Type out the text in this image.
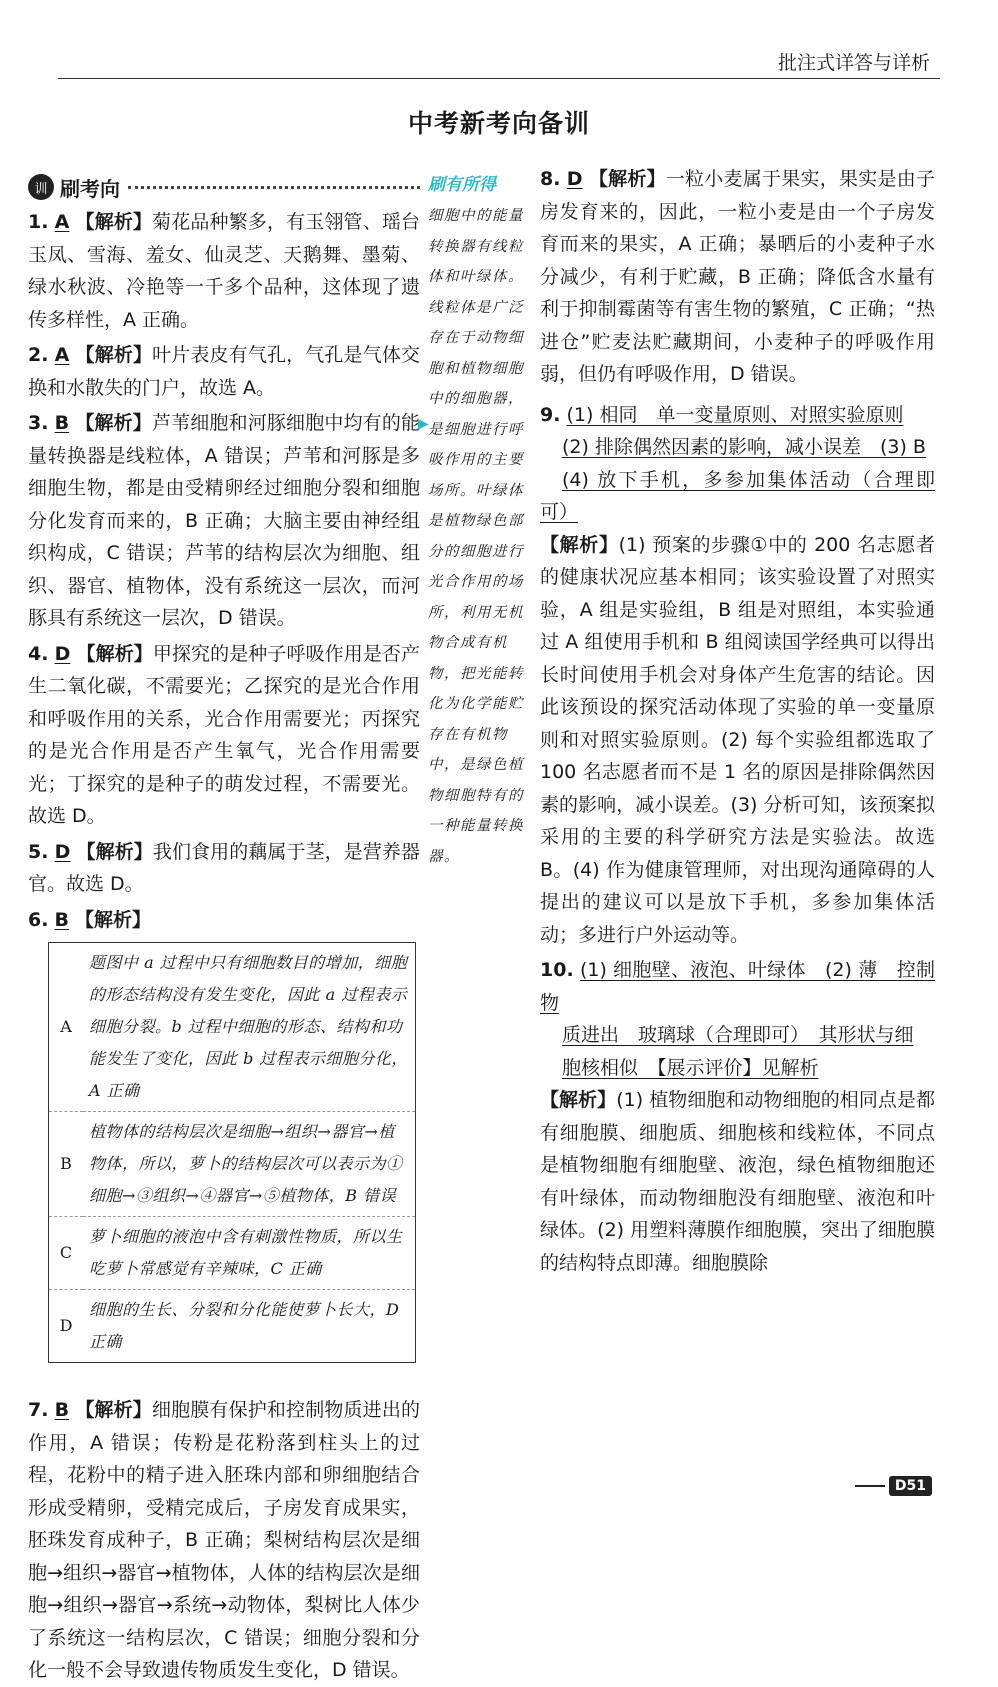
批注式详答与详析
中考新考向备训
训 刷考向

1. A 【解析】菊花品种繁多，有玉翎管、瑶台玉凤、雪海、羞女、仙灵芝、天鹅舞、墨菊、绿水秋波、冷艳等一千多个品种，这体现了遗传多样性，A 正确。

2. A 【解析】叶片表皮有气孔，气孔是气体交换和水散失的门户，故选 A。

3. B 【解析】芦苇细胞和河豚细胞中均有的能量转换器是线粒体，A 错误；芦苇和河豚是多细胞生物，都是由受精卵经过细胞分裂和细胞分化发育而来的，B 正确；大脑主要由神经组织构成，C 错误；芦苇的结构层次为细胞、组织、器官、植物体，没有系统这一层次，而河豚具有系统这一层次，D 错误。

4. D 【解析】甲探究的是种子呼吸作用是否产生二氧化碳，不需要光；乙探究的是光合作用和呼吸作用的关系，光合作用需要光；丙探究的是光合作用是否产生氧气，光合作用需要光；丁探究的是种子的萌发过程，不需要光。故选 D。

5. D 【解析】我们食用的藕属于茎，是营养器官。故选 D。

6. B 【解析】

A	题图中 a 过程中只有细胞数目的增加，细胞的形态结构没有发生变化，因此 a 过程表示细胞分裂。b 过程中细胞的形态、结构和功能发生了变化，因此 b 过程表示细胞分化，A 正确
B	植物体的结构层次是细胞→组织→器官→植物体，所以，萝卜的结构层次可以表示为①细胞→③组织→④器官→⑤植物体，B 错误
C	萝卜细胞的液泡中含有刺激性物质，所以生吃萝卜常感觉有辛辣味，C 正确
D	细胞的生长、分裂和分化能使萝卜长大，D 正确

7. B 【解析】细胞膜有保护和控制物质进出的作用，A 错误；传粉是花粉落到柱头上的过程，花粉中的精子进入胚珠内部和卵细胞结合形成受精卵，受精完成后，子房发育成果实，胚珠发育成种子，B 正确；梨树结构层次是细胞→组织→器官→植物体，人体的结构层次是细胞→组织→器官→系统→动物体，梨树比人体少了系统这一结构层次，C 错误；细胞分裂和分化一般不会导致遗传物质发生变化，D 错误。

刷有所得
细胞中的能量转换器有线粒体和叶绿体。线粒体是广泛存在于动物细胞和植物细胞中的细胞器，是细胞进行呼吸作用的主要场所。叶绿体是植物绿色部分的细胞进行光合作用的场所，利用无机物合成有机物，把光能转化为化学能贮存在有机物中，是绿色植物细胞特有的一种能量转换器。
▶

8. D 【解析】一粒小麦属于果实，果实是由子房发育来的，因此，一粒小麦是由一个子房发育而来的果实，A 正确；暴晒后的小麦种子水分减少，有利于贮藏，B 正确；降低含水量有利于抑制霉菌等有害生物的繁殖，C 正确；“热进仓”贮麦法贮藏期间，小麦种子的呼吸作用弱，但仍有呼吸作用，D 错误。

9. (1) 相同　单一变量原则、对照实验原则
(2) 排除偶然因素的影响，减小误差　(3) B
(4) 放下手机，多参加集体活动（合理即可）
【解析】(1) 预案的步骤①中的 200 名志愿者的健康状况应基本相同；该实验设置了对照实验，A 组是实验组，B 组是对照组，本实验通过 A 组使用手机和 B 组阅读国学经典可以得出长时间使用手机会对身体产生危害的结论。因此该预设的探究活动体现了实验的单一变量原则和对照实验原则。(2) 每个实验组都选取了 100 名志愿者而不是 1 名的原因是排除偶然因素的影响，减小误差。(3) 分析可知，该预案拟采用的主要的科学研究方法是实验法。故选 B。(4) 作为健康管理师，对出现沟通障碍的人提出的建议可以是放下手机，多参加集体活动；多进行户外运动等。

10. (1) 细胞壁、液泡、叶绿体　(2) 薄　控制物
质进出　玻璃球（合理即可）　其形状与细
胞核相似　【展示评价】见解析
【解析】(1) 植物细胞和动物细胞的相同点是都有细胞膜、细胞质、细胞核和线粒体，不同点是植物细胞有细胞壁、液泡，绿色植物细胞还有叶绿体，而动物细胞没有细胞壁、液泡和叶绿体。(2) 用塑料薄膜作细胞膜，突出了细胞膜的结构特点即薄。细胞膜除

D51
